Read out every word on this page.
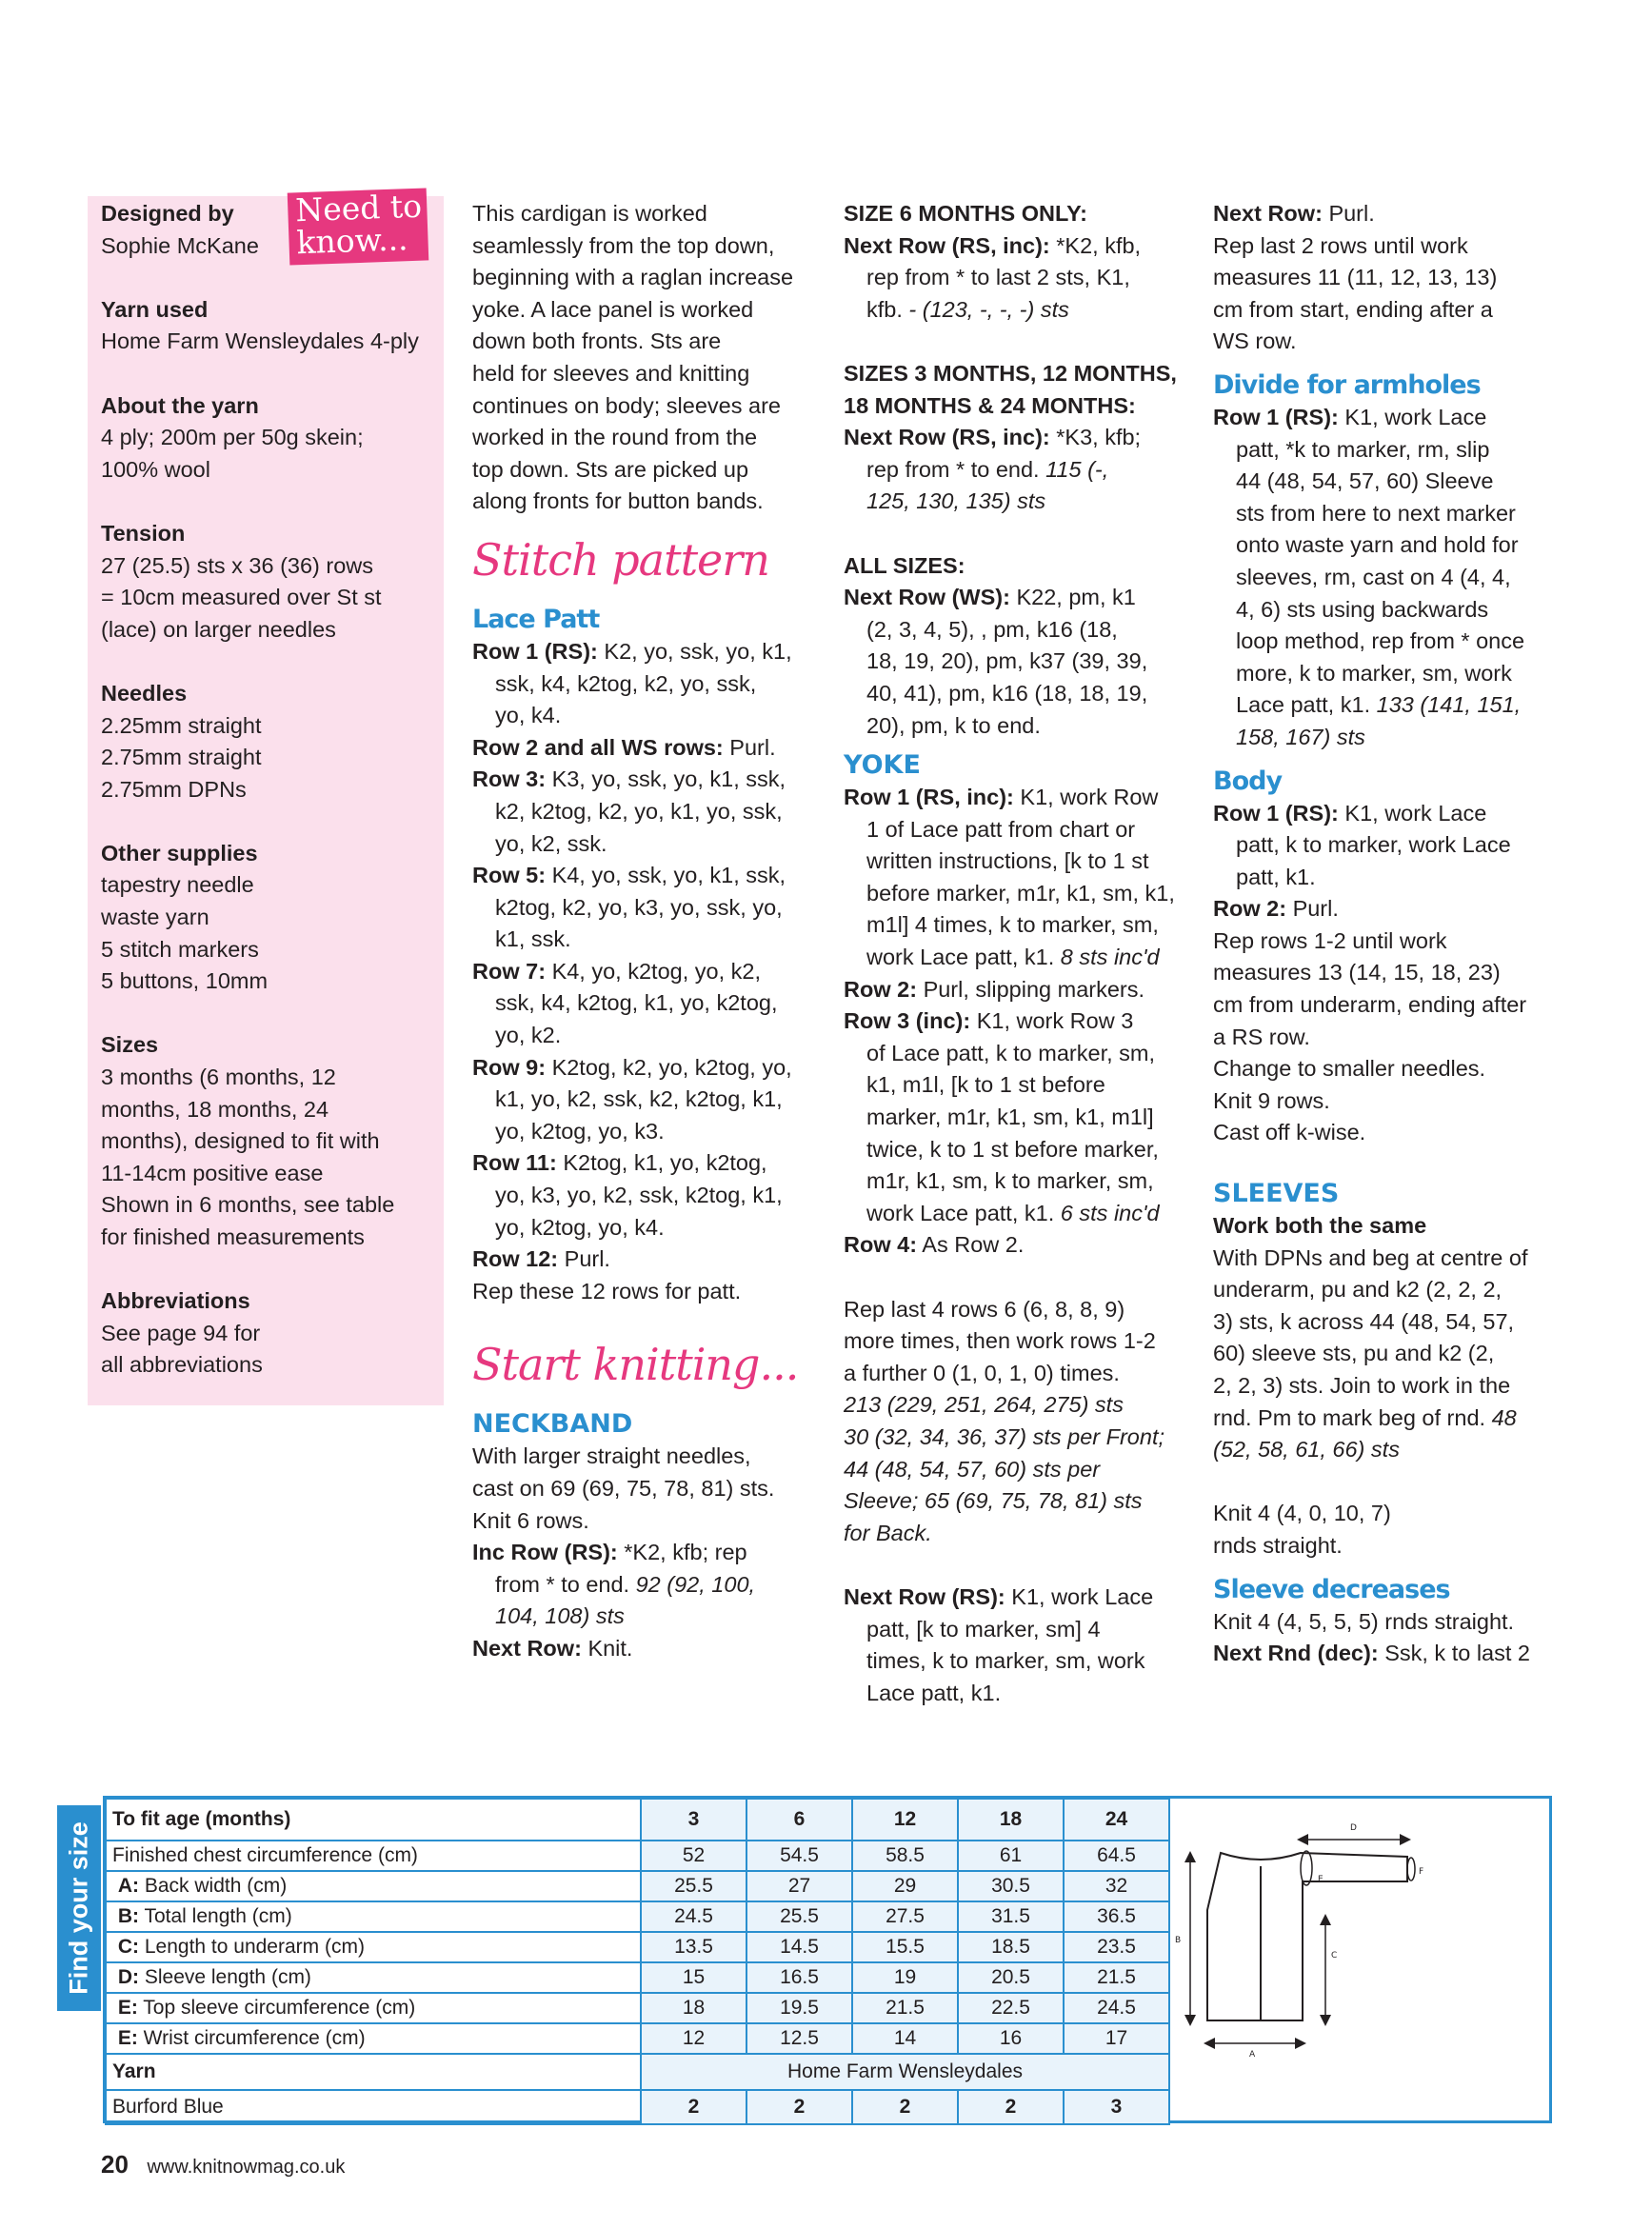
Need to
know...

Designed by

Sophie McKane

Yarn used

Home Farm Wensleydales 4-ply

About the yarn

4 ply; 200m per 50g skein;

100% wool

Tension

27 (25.5) sts x 36 (36) rows

= 10cm measured over St st

(lace) on larger needles

Needles

2.25mm straight

2.75mm straight

2.75mm DPNs

Other supplies

tapestry needle

waste yarn

5 stitch markers

5 buttons, 10mm

Sizes

3 months (6 months, 12

months, 18 months, 24

months), designed to fit with

11-14cm positive ease

Shown in 6 months, see table

for finished measurements

Abbreviations

See page 94 for

all abbreviations

This cardigan is worked

seamlessly from the top down,

beginning with a raglan increase

yoke. A lace panel is worked

down both fronts. Sts are

held for sleeves and knitting

continues on body; sleeves are

worked in the round from the

top down. Sts are picked up

along fronts for button bands.

Stitch pattern

Lace Patt

Row 1 (RS): K2, yo, ssk, yo, k1,

ssk, k4, k2tog, k2, yo, ssk,

yo, k4.

Row 2 and all WS rows: Purl.

Row 3: K3, yo, ssk, yo, k1, ssk,

k2, k2tog, k2, yo, k1, yo, ssk,

yo, k2, ssk.

Row 5: K4, yo, ssk, yo, k1, ssk,

k2tog, k2, yo, k3, yo, ssk, yo,

k1, ssk.

Row 7: K4, yo, k2tog, yo, k2,

ssk, k4, k2tog, k1, yo, k2tog,

yo, k2.

Row 9: K2tog, k2, yo, k2tog, yo,

k1, yo, k2, ssk, k2, k2tog, k1,

yo, k2tog, yo, k3.

Row 11: K2tog, k1, yo, k2tog,

yo, k3, yo, k2, ssk, k2tog, k1,

yo, k2tog, yo, k4.

Row 12: Purl.

Rep these 12 rows for patt.

Start knitting...

NECKBAND

With larger straight needles,

cast on 69 (69, 75, 78, 81) sts.

Knit 6 rows.

Inc Row (RS): *K2, kfb; rep

from * to end. 92 (92, 100,

104, 108) sts

Next Row: Knit.

SIZE 6 MONTHS ONLY:

Next Row (RS, inc): *K2, kfb,

rep from * to last 2 sts, K1,

kfb. - (123, -, -, -) sts

SIZES 3 MONTHS, 12 MONTHS,

18 MONTHS & 24 MONTHS:

Next Row (RS, inc): *K3, kfb;

rep from * to end. 115 (-,

125, 130, 135) sts

ALL SIZES:

Next Row (WS): K22, pm, k1

(2, 3, 4, 5), , pm, k16 (18,

18, 19, 20), pm, k37 (39, 39,

40, 41), pm, k16 (18, 18, 19,

20), pm, k to end.

YOKE

Row 1 (RS, inc): K1, work Row

1 of Lace patt from chart or

written instructions, [k to 1 st

before marker, m1r, k1, sm, k1,

m1l] 4 times, k to marker, sm,

work Lace patt, k1. 8 sts inc'd

Row 2: Purl, slipping markers.

Row 3 (inc): K1, work Row 3

of Lace patt, k to marker, sm,

k1, m1l, [k to 1 st before

marker, m1r, k1, sm, k1, m1l]

twice, k to 1 st before marker,

m1r, k1, sm, k to marker, sm,

work Lace patt, k1. 6 sts inc'd

Row 4: As Row 2.

Rep last 4 rows 6 (6, 8, 8, 9)

more times, then work rows 1-2

a further 0 (1, 0, 1, 0) times.

213 (229, 251, 264, 275) sts

30 (32, 34, 36, 37) sts per Front;

44 (48, 54, 57, 60) sts per

Sleeve; 65 (69, 75, 78, 81) sts

for Back.

Next Row (RS): K1, work Lace

patt, [k to marker, sm] 4

times, k to marker, sm, work

Lace patt, k1.

Next Row: Purl.

Rep last 2 rows until work

measures 11 (11, 12, 13, 13)

cm from start, ending after a

WS row.

Divide for armholes

Row 1 (RS): K1, work Lace

patt, *k to marker, rm, slip

44 (48, 54, 57, 60) Sleeve

sts from here to next marker

onto waste yarn and hold for

sleeves, rm, cast on 4 (4, 4,

4, 6) sts using backwards

loop method, rep from * once

more, k to marker, sm, work

Lace patt, k1. 133 (141, 151,

158, 167) sts

Body

Row 1 (RS): K1, work Lace

patt, k to marker, work Lace

patt, k1.

Row 2: Purl.

Rep rows 1-2 until work

measures 13 (14, 15, 18, 23)

cm from underarm, ending after

a RS row.

Change to smaller needles.

Knit 9 rows.

Cast off k-wise.

SLEEVES

Work both the same

With DPNs and beg at centre of

underarm, pu and k2 (2, 2, 2,

3) sts, k across 44 (48, 54, 57,

60) sleeve sts, pu and k2 (2,

2, 2, 3) sts. Join to work in the

rnd. Pm to mark beg of rnd. 48

(52, 58, 61, 66) sts

Knit 4 (4, 0, 10, 7)

rnds straight.

Sleeve decreases

Knit 4 (4, 5, 5, 5) rnds straight.

Next Rnd (dec): Ssk, k to last 2

Find your size
To fit age (months)	3	6	12	18	24
Finished chest circumference (cm)	52	54.5	58.5	61	64.5
A: Back width (cm)	25.5	27	29	30.5	32
B: Total length (cm)	24.5	25.5	27.5	31.5	36.5
C: Length to underarm (cm)	13.5	14.5	15.5	18.5	23.5
D: Sleeve length (cm)	15	16.5	19	20.5	21.5
E: Top sleeve circumference (cm)	18	19.5	21.5	22.5	24.5
E: Wrist circumference (cm)	12	12.5	14	16	17
Yarn	Home Farm Wensleydales				
Burford Blue	2	2	2	2	3
B
C
A
D
E
F
20 www.knitnowmag.co.uk
